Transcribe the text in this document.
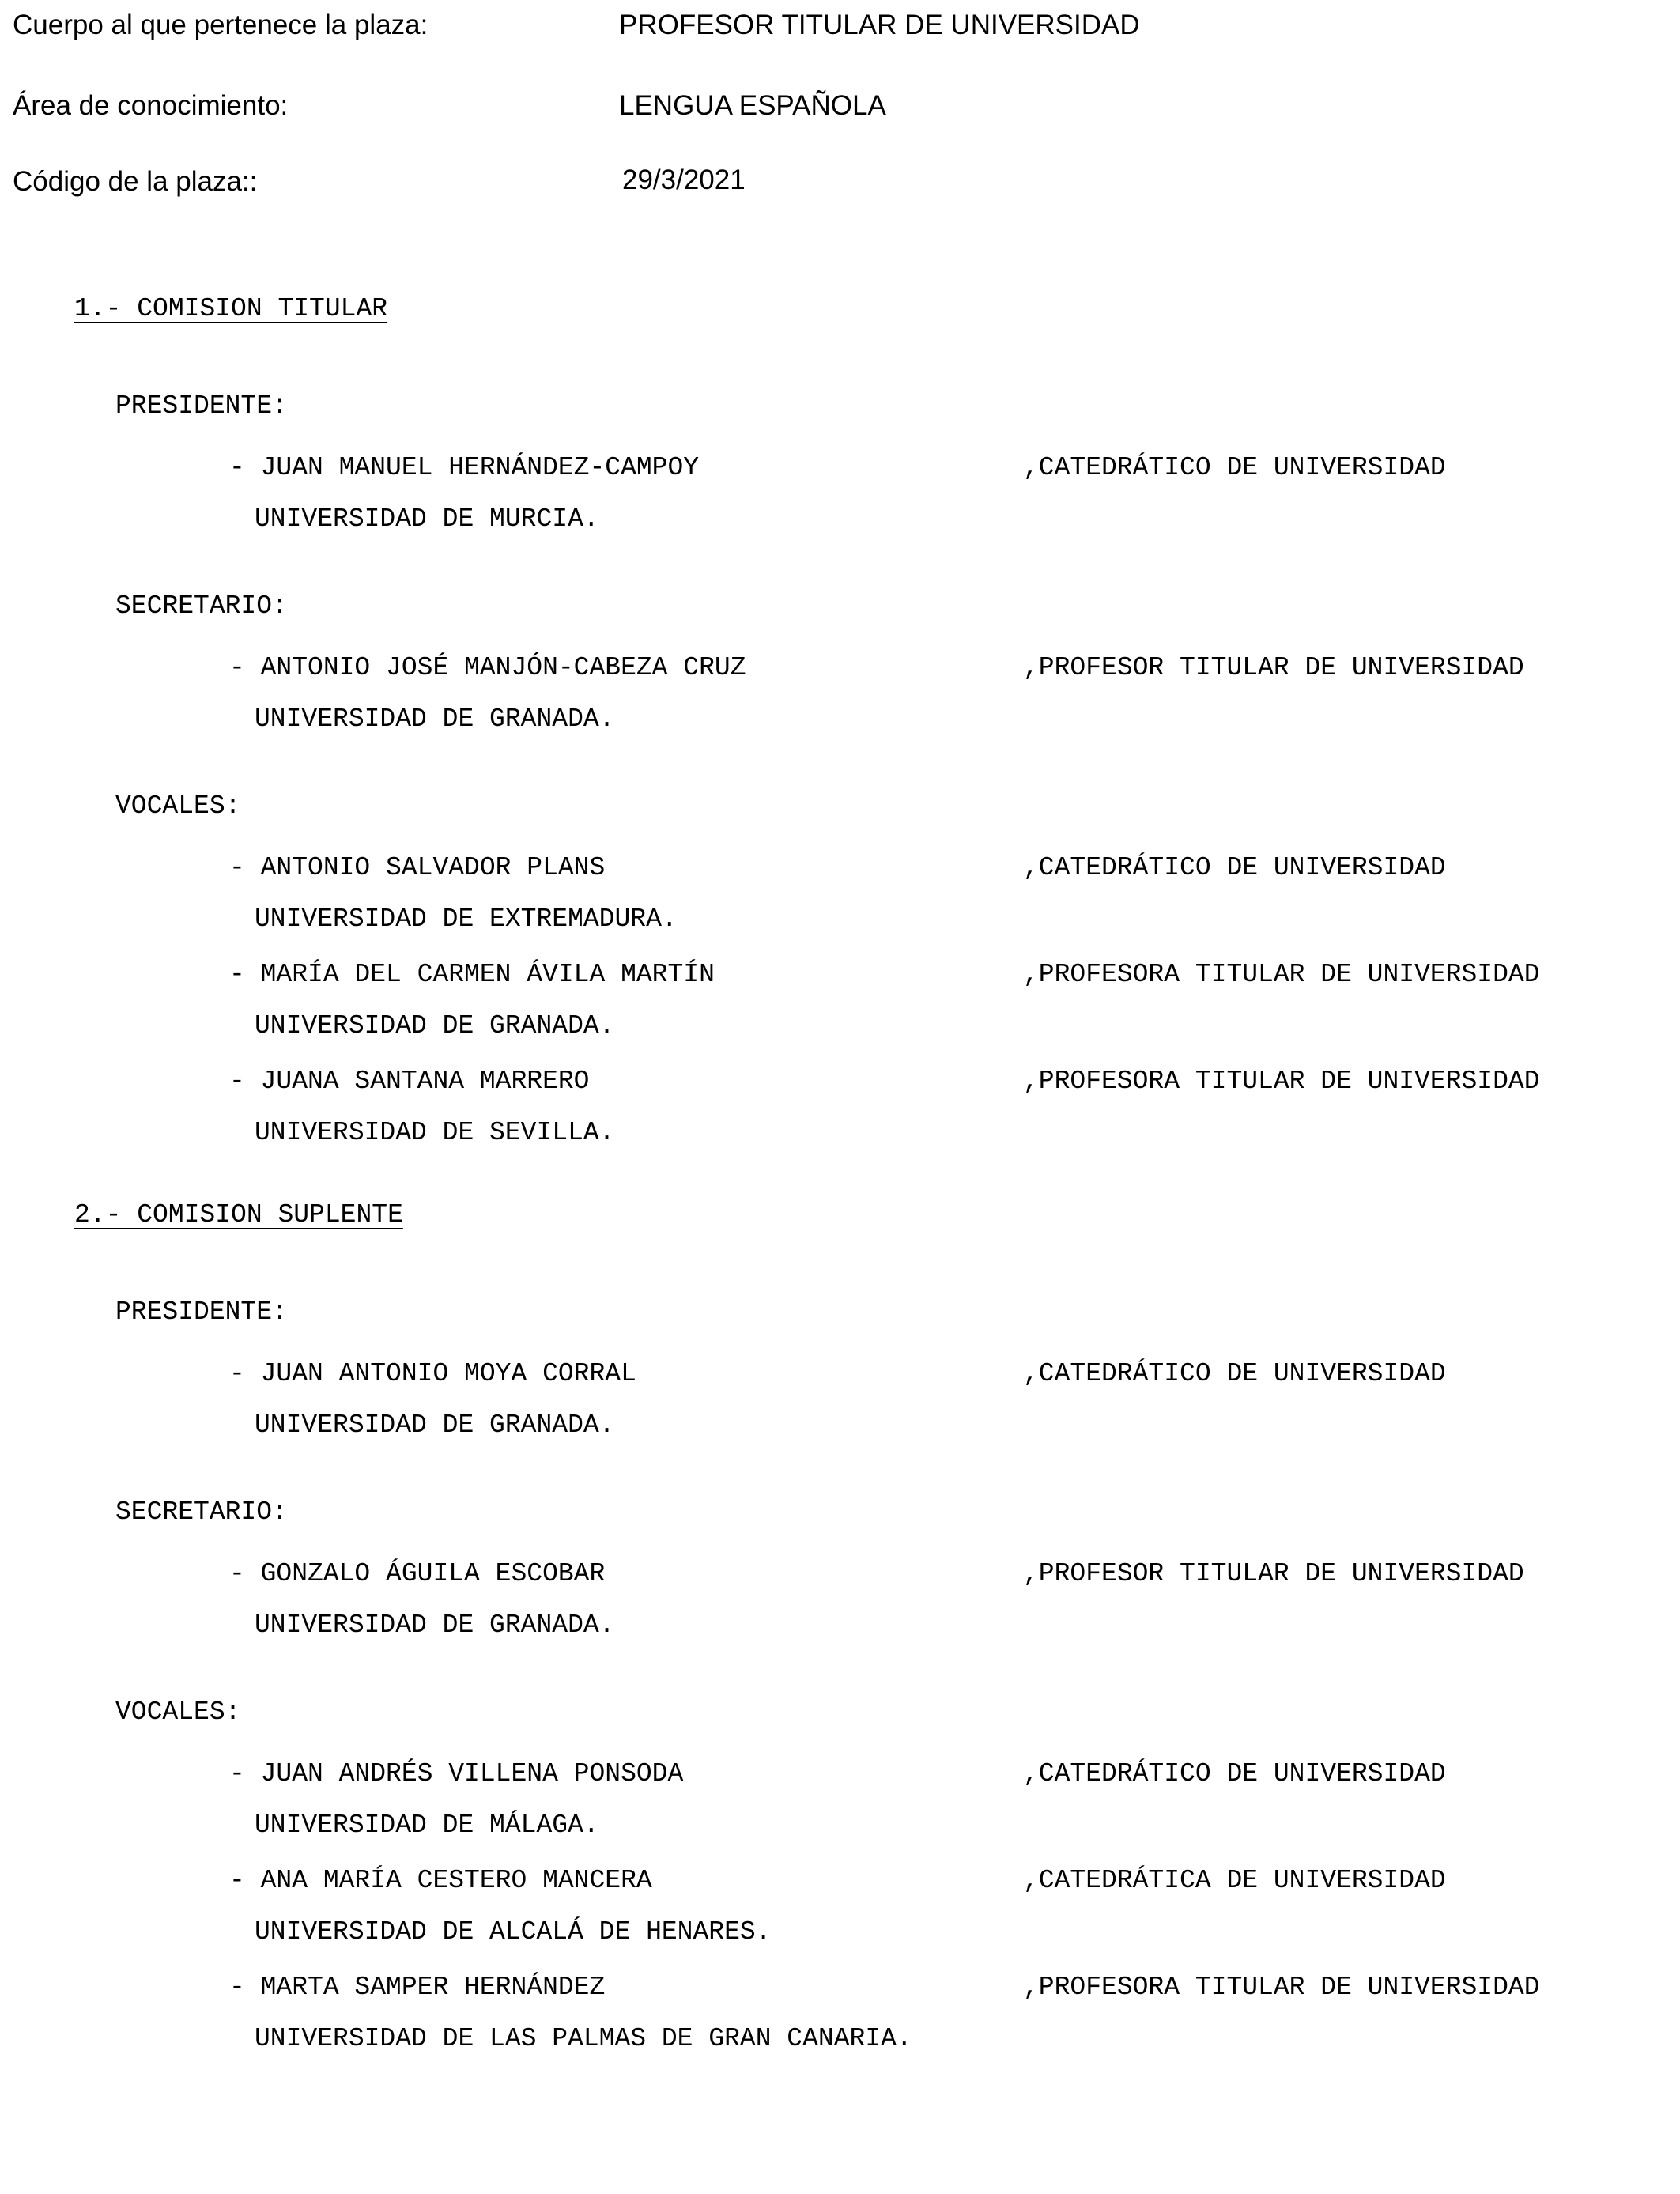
Cuerpo al que pertenece la plaza:	PROFESOR TITULAR DE UNIVERSIDAD
Área de conocimiento:	LENGUA ESPAÑOLA
Código de la plaza::	29/3/2021
1.- COMISION TITULAR
PRESIDENTE:
- JUAN MANUEL HERNÁNDEZ-CAMPOY	,CATEDRÁTICO DE UNIVERSIDAD
UNIVERSIDAD DE MURCIA.
SECRETARIO:
- ANTONIO JOSÉ MANJÓN-CABEZA CRUZ	,PROFESOR TITULAR DE UNIVERSIDAD
UNIVERSIDAD DE GRANADA.
VOCALES:
- ANTONIO SALVADOR PLANS	,CATEDRÁTICO DE UNIVERSIDAD
UNIVERSIDAD DE EXTREMADURA.
- MARÍA DEL CARMEN ÁVILA MARTÍN	,PROFESORA TITULAR DE UNIVERSIDAD
UNIVERSIDAD DE GRANADA.
- JUANA SANTANA MARRERO	,PROFESORA TITULAR DE UNIVERSIDAD
UNIVERSIDAD DE SEVILLA.
2.- COMISION SUPLENTE
PRESIDENTE:
- JUAN ANTONIO MOYA CORRAL	,CATEDRÁTICO DE UNIVERSIDAD
UNIVERSIDAD DE GRANADA.
SECRETARIO:
- GONZALO ÁGUILA ESCOBAR	,PROFESOR TITULAR DE UNIVERSIDAD
UNIVERSIDAD DE GRANADA.
VOCALES:
- JUAN ANDRÉS VILLENA PONSODA	,CATEDRÁTICO DE UNIVERSIDAD
UNIVERSIDAD DE MÁLAGA.
- ANA MARÍA CESTERO MANCERA	,CATEDRÁTICA DE UNIVERSIDAD
UNIVERSIDAD DE ALCALÁ DE HENARES.
- MARTA SAMPER HERNÁNDEZ	,PROFESORA TITULAR DE UNIVERSIDAD
UNIVERSIDAD DE LAS PALMAS DE GRAN CANARIA.
